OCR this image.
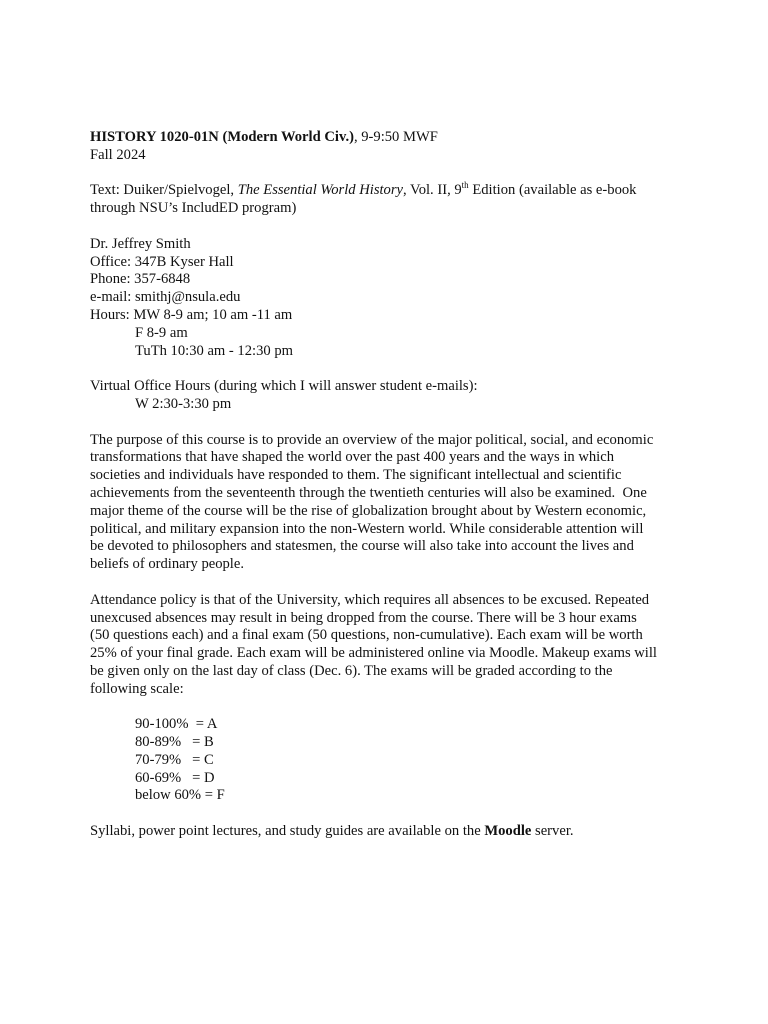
HISTORY 1020-01N (Modern World Civ.), 9-9:50 MWF
Fall 2024
Text: Duiker/Spielvogel, The Essential World History, Vol. II, 9th Edition (available as e-book
through NSU’s IncludED program)
Dr. Jeffrey Smith
Office: 347B Kyser Hall
Phone: 357-6848
e-mail: smithj@nsula.edu
Hours: MW 8-9 am; 10 am -11 am
F 8-9 am
TuTh 10:30 am - 12:30 pm
Virtual Office Hours (during which I will answer student e-mails):
W 2:30-3:30 pm
The purpose of this course is to provide an overview of the major political, social, and economic
transformations that have shaped the world over the past 400 years and the ways in which
societies and individuals have responded to them. The significant intellectual and scientific
achievements from the seventeenth through the twentieth centuries will also be examined.  One
major theme of the course will be the rise of globalization brought about by Western economic,
political, and military expansion into the non-Western world. While considerable attention will
be devoted to philosophers and statesmen, the course will also take into account the lives and
beliefs of ordinary people.
Attendance policy is that of the University, which requires all absences to be excused. Repeated
unexcused absences may result in being dropped from the course. There will be 3 hour exams
(50 questions each) and a final exam (50 questions, non-cumulative). Each exam will be worth
25% of your final grade. Each exam will be administered online via Moodle. Makeup exams will
be given only on the last day of class (Dec. 6). The exams will be graded according to the
following scale:
90-100%  = A
80-89%   = B
70-79%   = C
60-69%   = D
below 60% = F
Syllabi, power point lectures, and study guides are available on the Moodle server.
